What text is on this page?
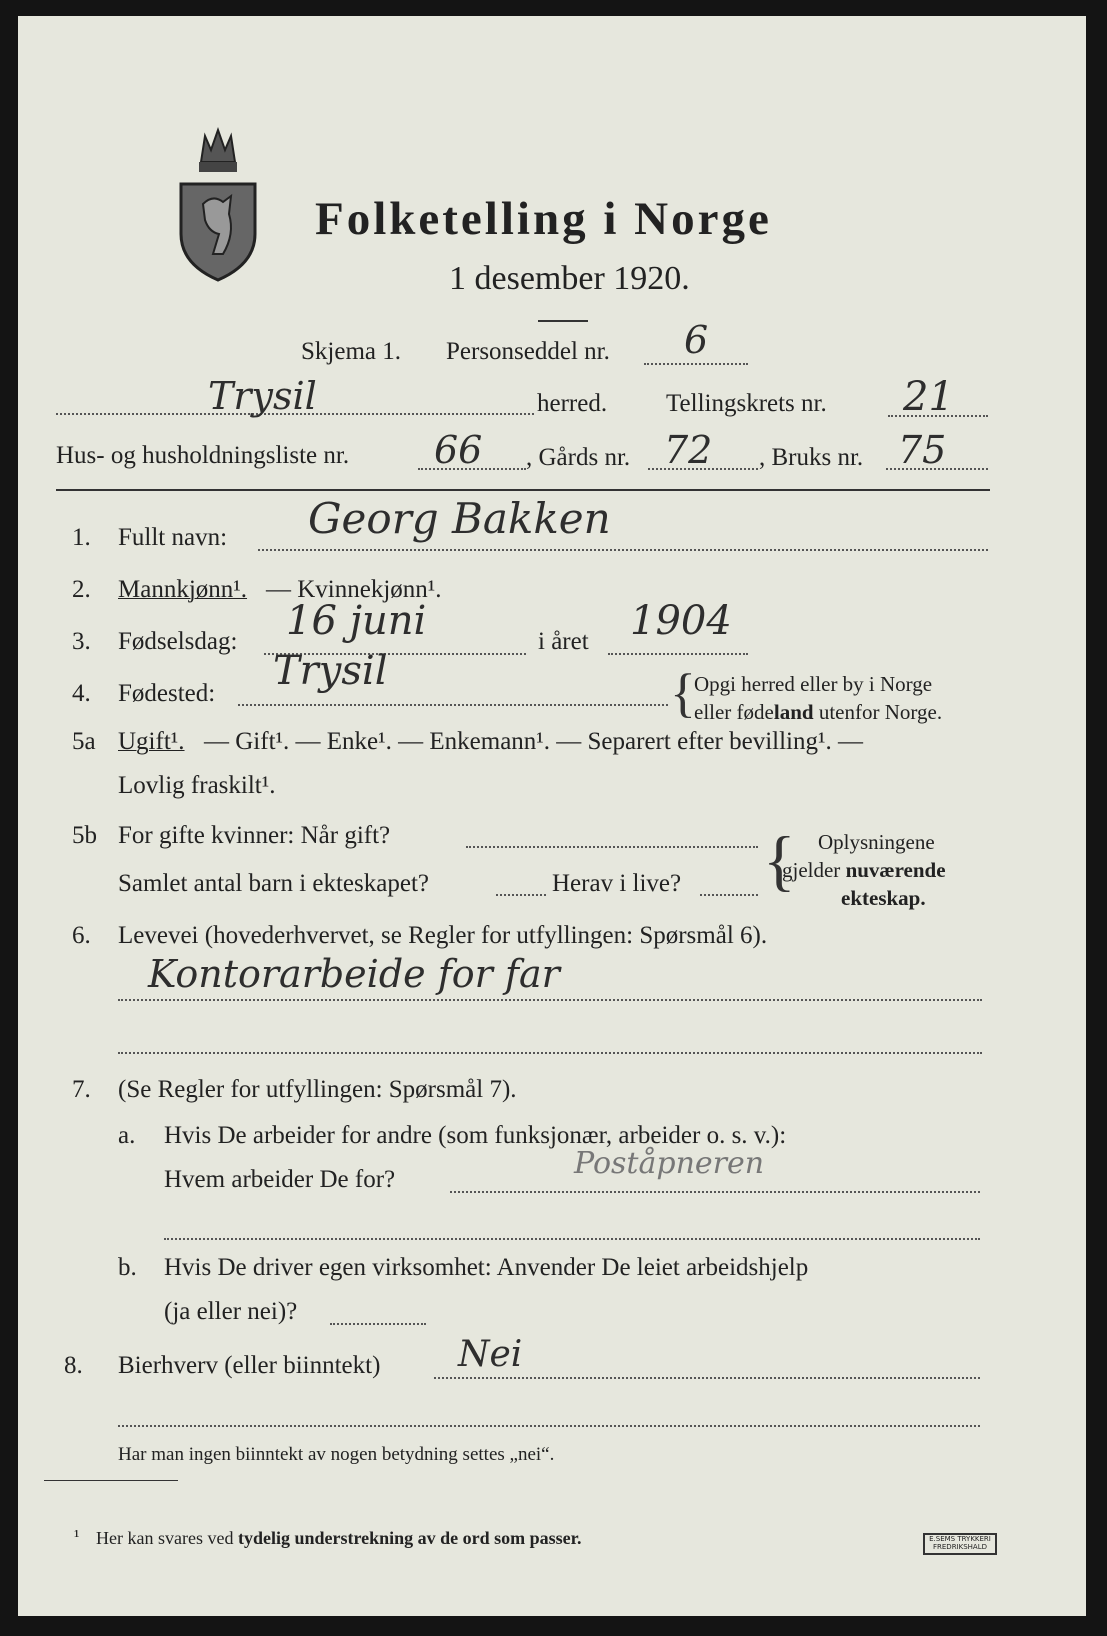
Folketelling i Norge
1 desember 1920.
Skjema 1. Personseddel nr. 6
Trysil	herred. Tellingskrets nr. 21
Hus- og husholdningsliste nr. 66 , Gårds nr. 72 , Bruks nr. 75
1. Fullt navn: Georg Bakken
2. Mannkjønn¹. — Kvinnekjønn¹.
3. Fødselsdag: 16 juni	i året 1904
4. Fødested: Trysil	{
Opgi herred eller by i Norge
eller fødeland utenfor Norge.
5a Ugift¹. — Gift¹. — Enke¹. — Enkemann¹. — Separert efter bevilling¹. —
Lovlig fraskilt¹.
5b For gifte kvinner: Når gift?
Samlet antal barn i ekteskapet?	Herav i live? { Oplysningene
gjelder nuværende
ekteskap.
6. Levevei (hovederhvervet, se Regler for utfyllingen: Spørsmål 6).
Kontorarbeide for far
7. (Se Regler for utfyllingen: Spørsmål 7).
a. Hvis De arbeider for andre (som funksjonær, arbeider o. s. v.):
Hvem arbeider De for?	Poståpneren
b. Hvis De driver egen virksomhet: Anvender De leiet arbeidshjelp
(ja eller nei)?
8. Bierhverv (eller biinntekt) Nei
Har man ingen biinntekt av nogen betydning settes „nei“.
¹ Her kan svares ved tydelig understrekning av de ord som passer.	E.SEMS TRYKKERI FREDRIKSHALD
